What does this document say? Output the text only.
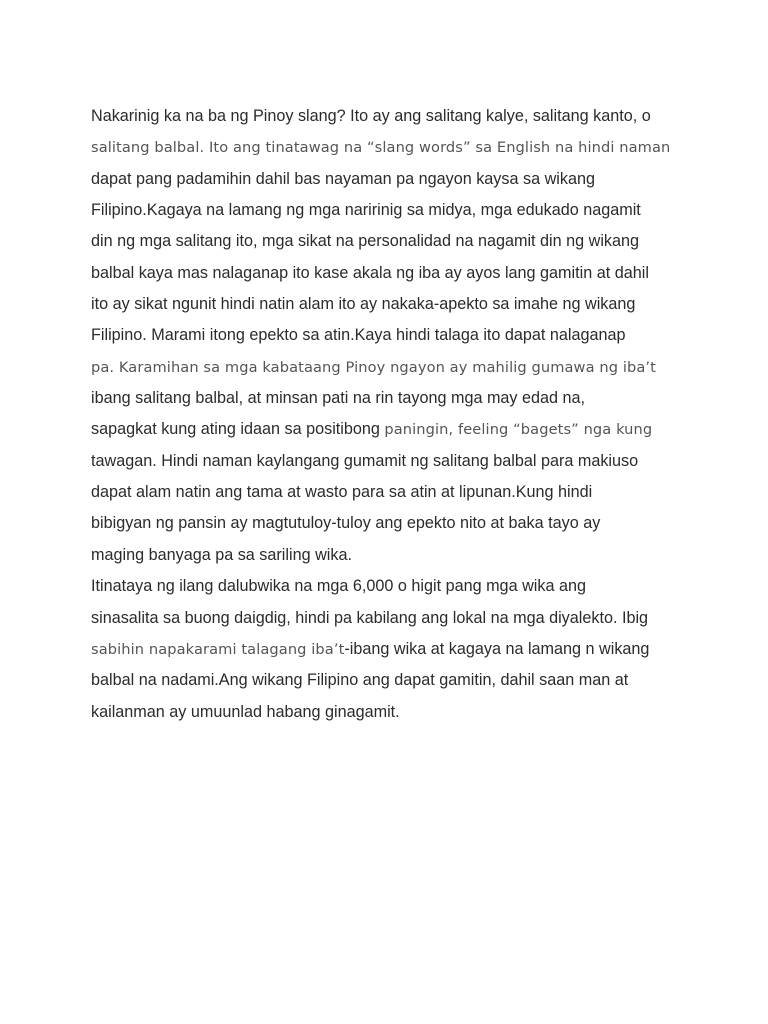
Nakarinig ka na ba ng Pinoy slang? Ito ay ang salitang kalye, salitang kanto, o
salitang balbal. Ito ang tinatawag na “slang words” sa English na hindi naman
dapat pang padamihin dahil bas nayaman pa ngayon kaysa sa wikang
Filipino.Kagaya na lamang ng mga naririnig sa midya, mga edukado nagamit
din ng mga salitang ito, mga sikat na personalidad na nagamit din ng wikang
balbal kaya mas nalaganap ito kase akala ng iba ay ayos lang gamitin at dahil
ito ay sikat ngunit hindi natin alam ito ay nakaka-apekto sa imahe ng wikang
Filipino. Marami itong epekto sa atin.Kaya hindi talaga ito dapat nalaganap
pa. Karamihan sa mga kabataang Pinoy ngayon ay mahilig gumawa ng iba’t
ibang salitang balbal, at minsan pati na rin tayong mga may edad na,
sapagkat kung ating idaan sa positibong paningin, feeling “bagets” nga kung
tawagan. Hindi naman kaylangang gumamit ng salitang balbal para makiuso
dapat alam natin ang tama at wasto para sa atin at lipunan.Kung hindi
bibigyan ng pansin ay magtutuloy-tuloy ang epekto nito at baka tayo ay
maging banyaga pa sa sariling wika.
Itinataya ng ilang dalubwika na mga 6,000 o higit pang mga wika ang
sinasalita sa buong daigdig, hindi pa kabilang ang lokal na mga diyalekto. Ibig
sabihin napakarami talagang iba’t-ibang wika at kagaya na lamang n wikang
balbal na nadami.Ang wikang Filipino ang dapat gamitin, dahil saan man at
kailanman ay umuunlad habang ginagamit.
